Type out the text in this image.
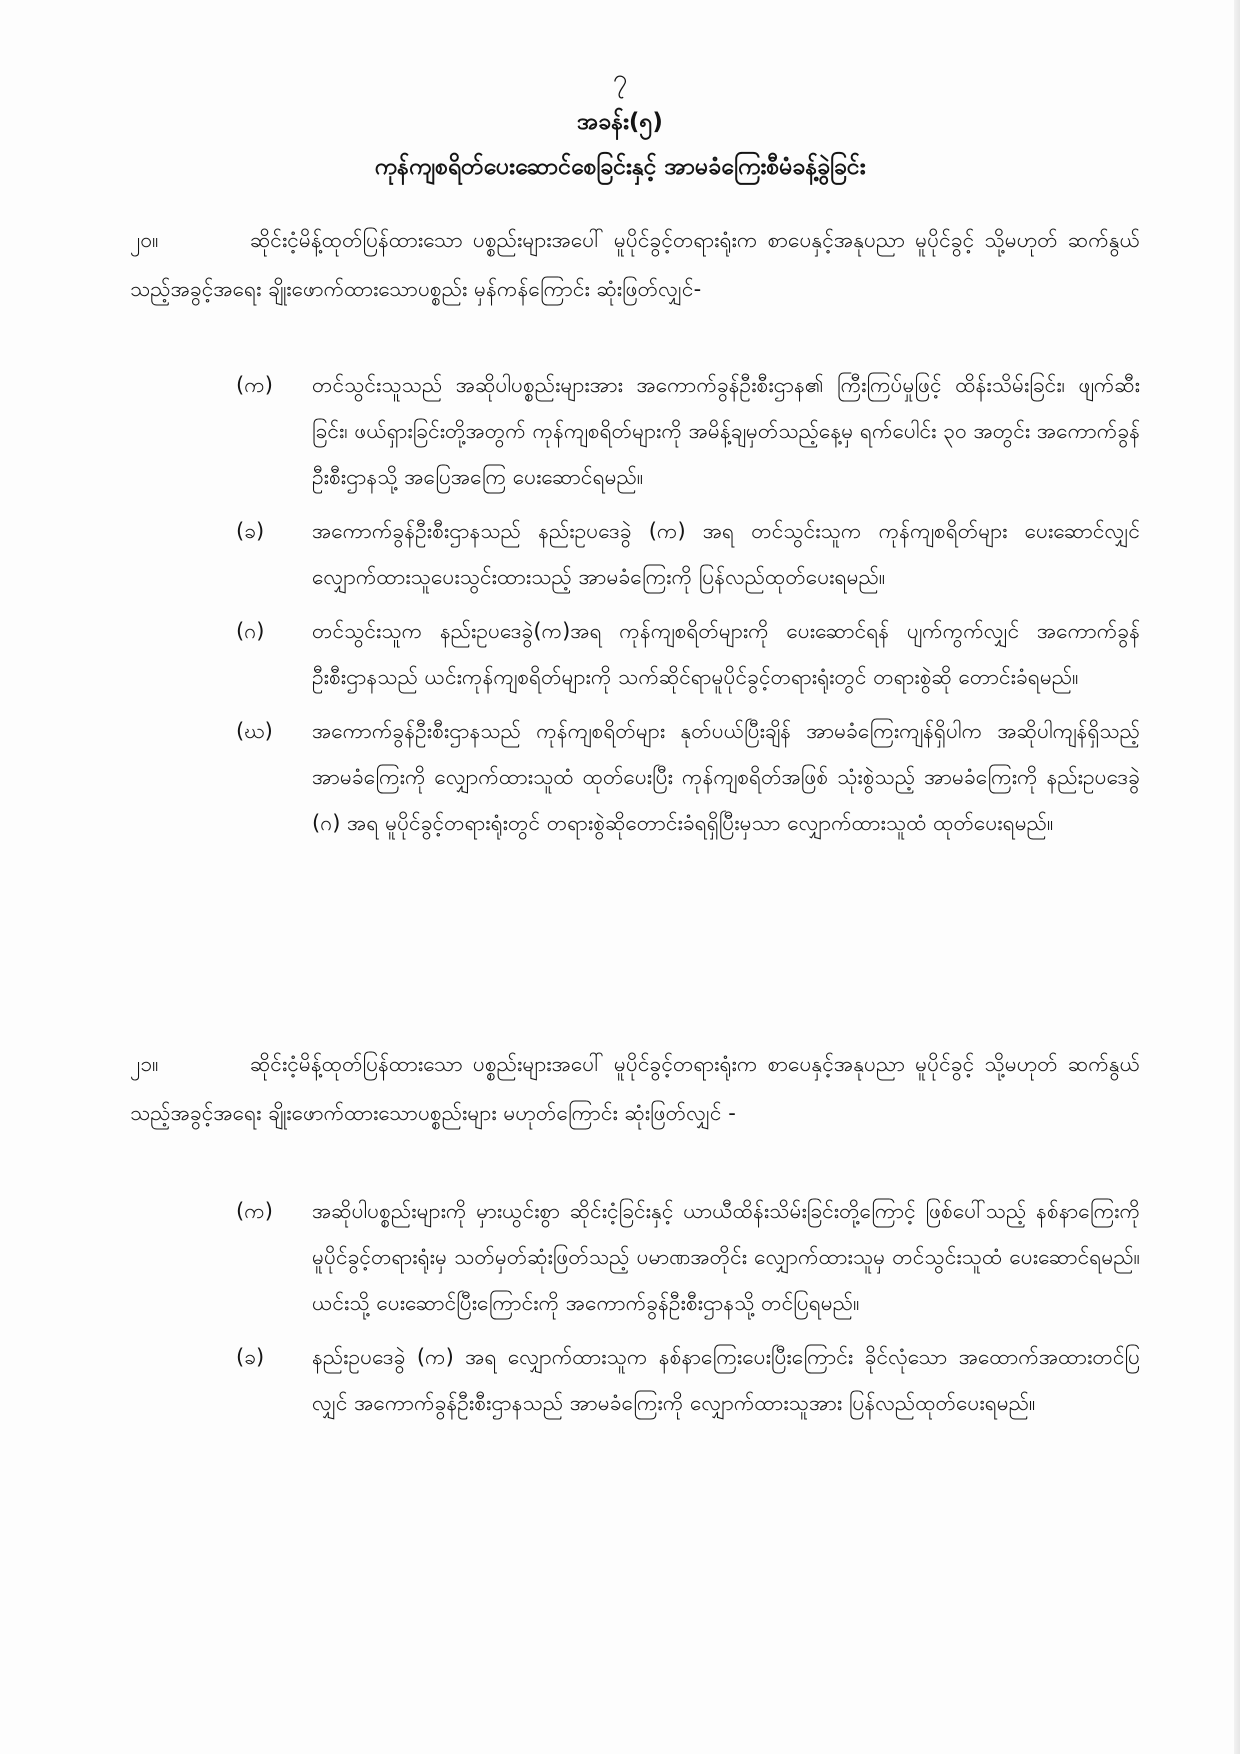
၇
အခန်း(၅)
ကုန်ကျစရိတ်ပေးဆောင်စေခြင်းနှင့် အာမခံကြေးစီမံခန့်ခွဲခြင်း
၂၀။	ဆိုင်းငံ့မိန့်ထုတ်ပြန်ထားသော ပစ္စည်းများအပေါ် မူပိုင်ခွင့်တရားရုံးက စာပေနှင့်အနုပညာ မူပိုင်ခွင့် သို့မဟုတ် ဆက်နွယ်သည့်အခွင့်အရေး ချိုးဖောက်ထားသောပစ္စည်း မှန်ကန်ကြောင်း ဆုံးဖြတ်လျှင်-
(က)	တင်သွင်းသူသည် အဆိုပါပစ္စည်းများအား အကောက်ခွန်ဦးစီးဌာန၏ ကြီးကြပ်မှုဖြင့် ထိန်းသိမ်းခြင်း၊ ဖျက်ဆီးခြင်း၊ ဖယ်ရှားခြင်းတို့အတွက် ကုန်ကျစရိတ်များကို အမိန့်ချမှတ်သည့်နေ့မှ ရက်ပေါင်း ၃၀ အတွင်း အကောက်ခွန်ဦးစီးဌာနသို့ အပြေအကြေ ပေးဆောင်ရမည်။
(ခ)	အကောက်ခွန်ဦးစီးဌာနသည် နည်းဥပဒေခွဲ (က) အရ တင်သွင်းသူက ကုန်ကျစရိတ်များ ပေးဆောင်လျှင် လျှောက်ထားသူပေးသွင်းထားသည့် အာမခံကြေးကို ပြန်လည်ထုတ်ပေးရမည်။
(ဂ)	တင်သွင်းသူက နည်းဥပဒေခွဲ(က)အရ ကုန်ကျစရိတ်များကို ပေးဆောင်ရန် ပျက်ကွက်လျှင် အကောက်ခွန်ဦးစီးဌာနသည် ယင်းကုန်ကျစရိတ်များကို သက်ဆိုင်ရာမူပိုင်ခွင့်တရားရုံးတွင် တရားစွဲဆို တောင်းခံရမည်။
(ဃ)	အကောက်ခွန်ဦးစီးဌာနသည် ကုန်ကျစရိတ်များ နုတ်ပယ်ပြီးချိန် အာမခံကြေးကျန်ရှိပါက အဆိုပါကျန်ရှိသည့် အာမခံကြေးကို လျှောက်ထားသူထံ ထုတ်ပေးပြီး ကုန်ကျစရိတ်အဖြစ် သုံးစွဲသည့် အာမခံကြေးကို နည်းဥပဒေခွဲ (ဂ) အရ မူပိုင်ခွင့်တရားရုံးတွင် တရားစွဲဆိုတောင်းခံရရှိပြီးမှသာ လျှောက်ထားသူထံ ထုတ်ပေးရမည်။
၂၁။	ဆိုင်းငံ့မိန့်ထုတ်ပြန်ထားသော ပစ္စည်းများအပေါ် မူပိုင်ခွင့်တရားရုံးက စာပေနှင့်အနုပညာ မူပိုင်ခွင့် သို့မဟုတ် ဆက်နွယ်သည့်အခွင့်အရေး ချိုးဖောက်ထားသောပစ္စည်းများ မဟုတ်ကြောင်း ဆုံးဖြတ်လျှင် -
(က)	အဆိုပါပစ္စည်းများကို မှားယွင်းစွာ ဆိုင်းငံ့ခြင်းနှင့် ယာယီထိန်းသိမ်းခြင်းတို့ကြောင့် ဖြစ်ပေါ်သည့် နစ်နာကြေးကို မူပိုင်ခွင့်တရားရုံးမှ သတ်မှတ်ဆုံးဖြတ်သည့် ပမာဏအတိုင်း လျှောက်ထားသူမှ တင်သွင်းသူထံ ပေးဆောင်ရမည်။ ယင်းသို့ ပေးဆောင်ပြီးကြောင်းကို အကောက်ခွန်ဦးစီးဌာနသို့ တင်ပြရမည်။
(ခ)	နည်းဥပဒေခွဲ (က) အရ လျှောက်ထားသူက နစ်နာကြေးပေးပြီးကြောင်း ခိုင်လုံသော အထောက်အထားတင်ပြလျှင် အကောက်ခွန်ဦးစီးဌာနသည် အာမခံကြေးကို လျှောက်ထားသူအား ပြန်လည်ထုတ်ပေးရမည်။
